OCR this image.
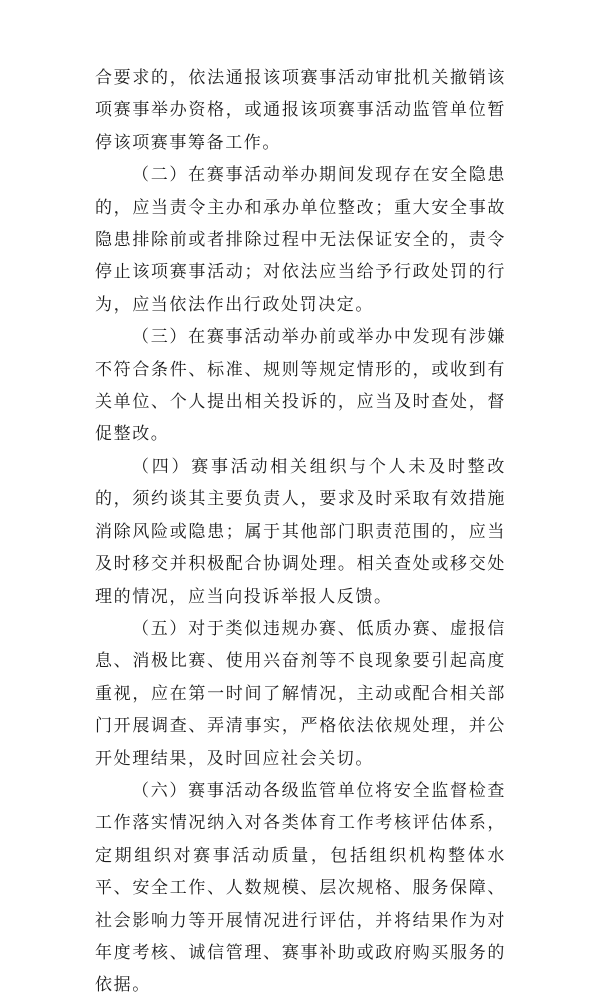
合要求的，依法通报该项赛事活动审批机关撤销该项赛事举办资格，或通报该项赛事活动监管单位暂停该项赛事筹备工作。

（二）在赛事活动举办期间发现存在安全隐患的，应当责令主办和承办单位整改；重大安全事故隐患排除前或者排除过程中无法保证安全的，责令停止该项赛事活动；对依法应当给予行政处罚的行为，应当依法作出行政处罚决定。

（三）在赛事活动举办前或举办中发现有涉嫌不符合条件、标准、规则等规定情形的，或收到有关单位、个人提出相关投诉的，应当及时查处，督促整改。

（四）赛事活动相关组织与个人未及时整改的，须约谈其主要负责人，要求及时采取有效措施消除风险或隐患；属于其他部门职责范围的，应当及时移交并积极配合协调处理。相关查处或移交处理的情况，应当向投诉举报人反馈。

（五）对于类似违规办赛、低质办赛、虚报信息、消极比赛、使用兴奋剂等不良现象要引起高度重视，应在第一时间了解情况，主动或配合相关部门开展调查、弄清事实，严格依法依规处理，并公开处理结果，及时回应社会关切。

（六）赛事活动各级监管单位将安全监督检查工作落实情况纳入对各类体育工作考核评估体系，定期组织对赛事活动质量，包括组织机构整体水平、安全工作、人数规模、层次规格、服务保障、社会影响力等开展情况进行评估，并将结果作为对年度考核、诚信管理、赛事补助或政府购买服务的依据。
